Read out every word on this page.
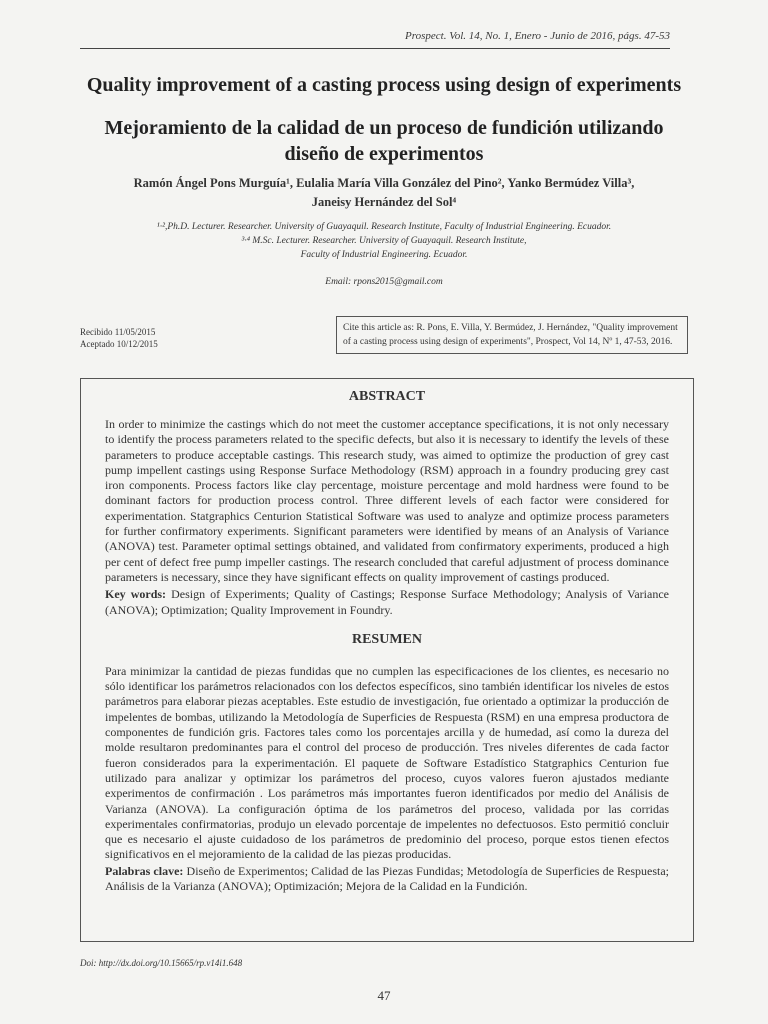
Prospect. Vol. 14, No. 1, Enero - Junio de 2016, págs. 47-53
Quality improvement of a casting process using design of experiments
Mejoramiento de la calidad de un proceso de fundición utilizando
diseño de experimentos
Ramón Ángel Pons Murguía¹, Eulalia María Villa González del Pino², Yanko Bermúdez Villa³,
Janeisy Hernández del Sol⁴
¹·²,Ph.D. Lecturer. Researcher. University of Guayaquil. Research Institute, Faculty of Industrial Engineering. Ecuador.
³·⁴ M.Sc. Lecturer. Researcher. University of Guayaquil. Research Institute,
Faculty of Industrial Engineering. Ecuador.
Email: rpons2015@gmail.com
Recibido 11/05/2015
Aceptado 10/12/2015
Cite this article as: R. Pons, E. Villa, Y. Bermúdez, J. Hernández, "Quality improvement
of a casting process using design of experiments", Prospect, Vol 14, Nº 1, 47-53, 2016.
ABSTRACT
In order to minimize the castings which do not meet the customer acceptance specifications, it is not only necessary to identify the process parameters related to the specific defects, but also it is necessary to identify the levels of these parameters to produce acceptable castings. This research study, was aimed to optimize the production of grey cast pump impellent castings using Response Surface Methodology (RSM) approach in a foundry producing grey cast iron components. Process factors like clay percentage, moisture percentage and mold hardness were found to be dominant factors for production process control. Three different levels of each factor were considered for experimentation. Statgraphics Centurion Statistical Software was used to analyze and optimize process parameters for further confirmatory experiments. Significant parameters were identified by means of an Analysis of Variance (ANOVA) test. Parameter optimal settings obtained, and validated from confirmatory experiments, produced a high per cent of defect free pump impeller castings. The research concluded that careful adjustment of process dominance parameters is necessary, since they have significant effects on quality improvement of castings produced.
Key words: Design of Experiments; Quality of Castings; Response Surface Methodology; Analysis of Variance (ANOVA); Optimization; Quality Improvement in Foundry.
RESUMEN
Para minimizar la cantidad de piezas fundidas que no cumplen las especificaciones de los clientes, es necesario no sólo identificar los parámetros relacionados con los defectos específicos, sino también identificar los niveles de estos parámetros para elaborar piezas aceptables. Este estudio de investigación, fue orientado a optimizar la producción de impelentes de bombas, utilizando la Metodología de Superficies de Respuesta (RSM) en una empresa productora de componentes de fundición gris. Factores tales como los porcentajes arcilla y de humedad, así como la dureza del molde resultaron predominantes para el control del proceso de producción. Tres niveles diferentes de cada factor fueron considerados para la experimentación. El paquete de Software Estadístico Statgraphics Centurion fue utilizado para analizar y optimizar los parámetros del proceso, cuyos valores fueron ajustados mediante experimentos de confirmación . Los parámetros más importantes fueron identificados por medio del Análisis de Varianza (ANOVA). La configuración óptima de los parámetros del proceso, validada por las corridas experimentales confirmatorias, produjo un elevado porcentaje de impelentes no defectuosos. Esto permitió concluir que es necesario el ajuste cuidadoso de los parámetros de predominio del proceso, porque estos tienen efectos significativos en el mejoramiento de la calidad de las piezas producidas.
Palabras clave: Diseño de Experimentos; Calidad de las Piezas Fundidas; Metodología de Superficies de Respuesta; Análisis de la Varianza (ANOVA); Optimización; Mejora de la Calidad en la Fundición.
Doi: http://dx.doi.org/10.15665/rp.v14i1.648
47
